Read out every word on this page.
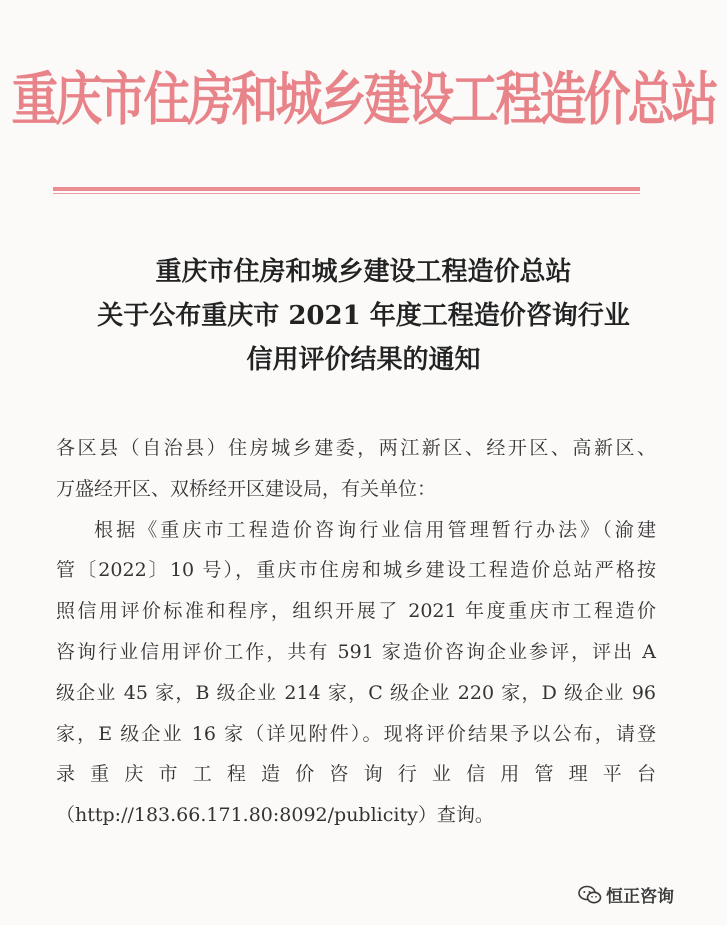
重庆市住房和城乡建设工程造价总站
重庆市住房和城乡建设工程造价总站
关于公布重庆市 2021 年度工程造价咨询行业
信用评价结果的通知
各区县（自治县）住房城乡建委，两江新区、经开区、高新区、
万盛经开区、双桥经开区建设局，有关单位：
根据《重庆市工程造价咨询行业信用管理暂行办法》（渝建
管〔2022〕10 号），重庆市住房和城乡建设工程造价总站严格按
照信用评价标准和程序，组织开展了 2021 年度重庆市工程造价
咨询行业信用评价工作，共有 591 家造价咨询企业参评，评出 A
级企业 45 家，B 级企业 214 家，C 级企业 220 家，D 级企业 96
家，E 级企业 16 家（详见附件）。现将评价结果予以公布，请登
录重庆市工程造价咨询行业信用管理平台
（http://183.66.171.80:8092/publicity）查询。
恒正咨询
